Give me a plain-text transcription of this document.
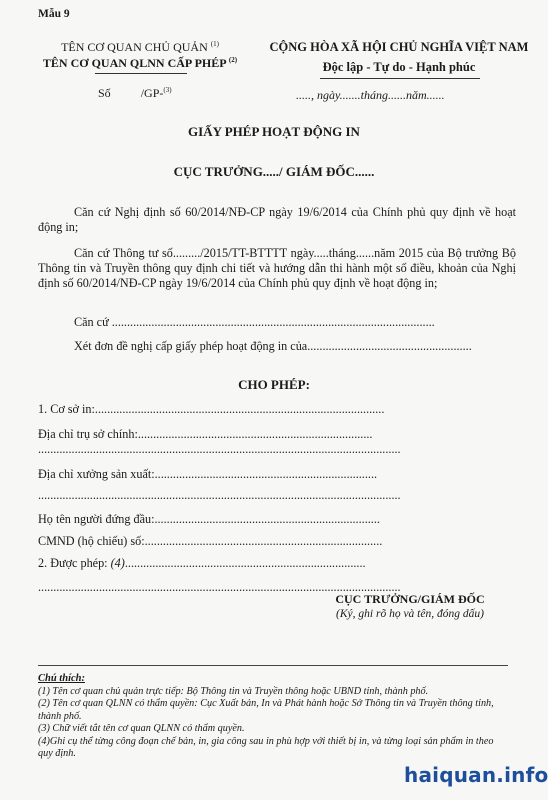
Mẫu 9
TÊN CƠ QUAN CHỦ QUẢN $^{(1)}$
TÊN CƠ QUAN QLNN CẤP PHÉP $^{(2)}$
CỘNG HÒA XÃ HỘI CHỦ NGHĨA VIỆT NAM
Độc lập - Tự do - Hạnh phúc
Số	/GP-$^{(3)}$	....., ngày.......tháng......năm......
GIẤY PHÉP HOẠT ĐỘNG IN
CỤC TRƯỞNG...../ GIÁM ĐỐC......
Căn cứ Nghị định số 60/2014/NĐ-CP ngày 19/6/2014 của Chính phủ quy định về hoạt động in;
Căn cứ Thông tư số........./2015/TT-BTTTT ngày.....tháng......năm 2015 của Bộ trưởng Bộ Thông tin và Truyền thông quy định chi tiết và hướng dẫn thi hành một số điều, khoản của Nghị định số 60/2014/NĐ-CP ngày 19/6/2014 của Chính phủ quy định về hoạt động in;
Căn cứ ..........................................................................................................
Xét đơn đề nghị cấp giấy phép hoạt động in của......................................................
CHO PHÉP:
1. Cơ sở in:...............................................................................................
Địa chỉ trụ sở chính:.............................................................................
.......................................................................................................................
Địa chỉ xưởng sản xuất:.........................................................................
.......................................................................................................................
Họ tên người đứng đầu:..........................................................................
CMND (hộ chiếu) số:..............................................................................
2. Được phép: (4)...............................................................................
.......................................................................................................................
CỤC TRƯỞNG/GIÁM ĐỐC
(Ký, ghi rõ họ và tên, đóng dấu)
Chú thích:
(1) Tên cơ quan chủ quản trực tiếp: Bộ Thông tin và Truyền thông hoặc UBND tỉnh, thành phố.
(2) Tên cơ quan QLNN có thẩm quyền: Cục Xuất bản, In và Phát hành hoặc Sở Thông tin và Truyền thông tỉnh, thành phố.
(3) Chữ viết tắt tên cơ quan QLNN có thẩm quyền.
(4)Ghi cụ thể từng công đoạn chế bản, in, gia công sau in phù hợp với thiết bị in, và từng loại sản phẩm in theo quy định.
haiquan.info
